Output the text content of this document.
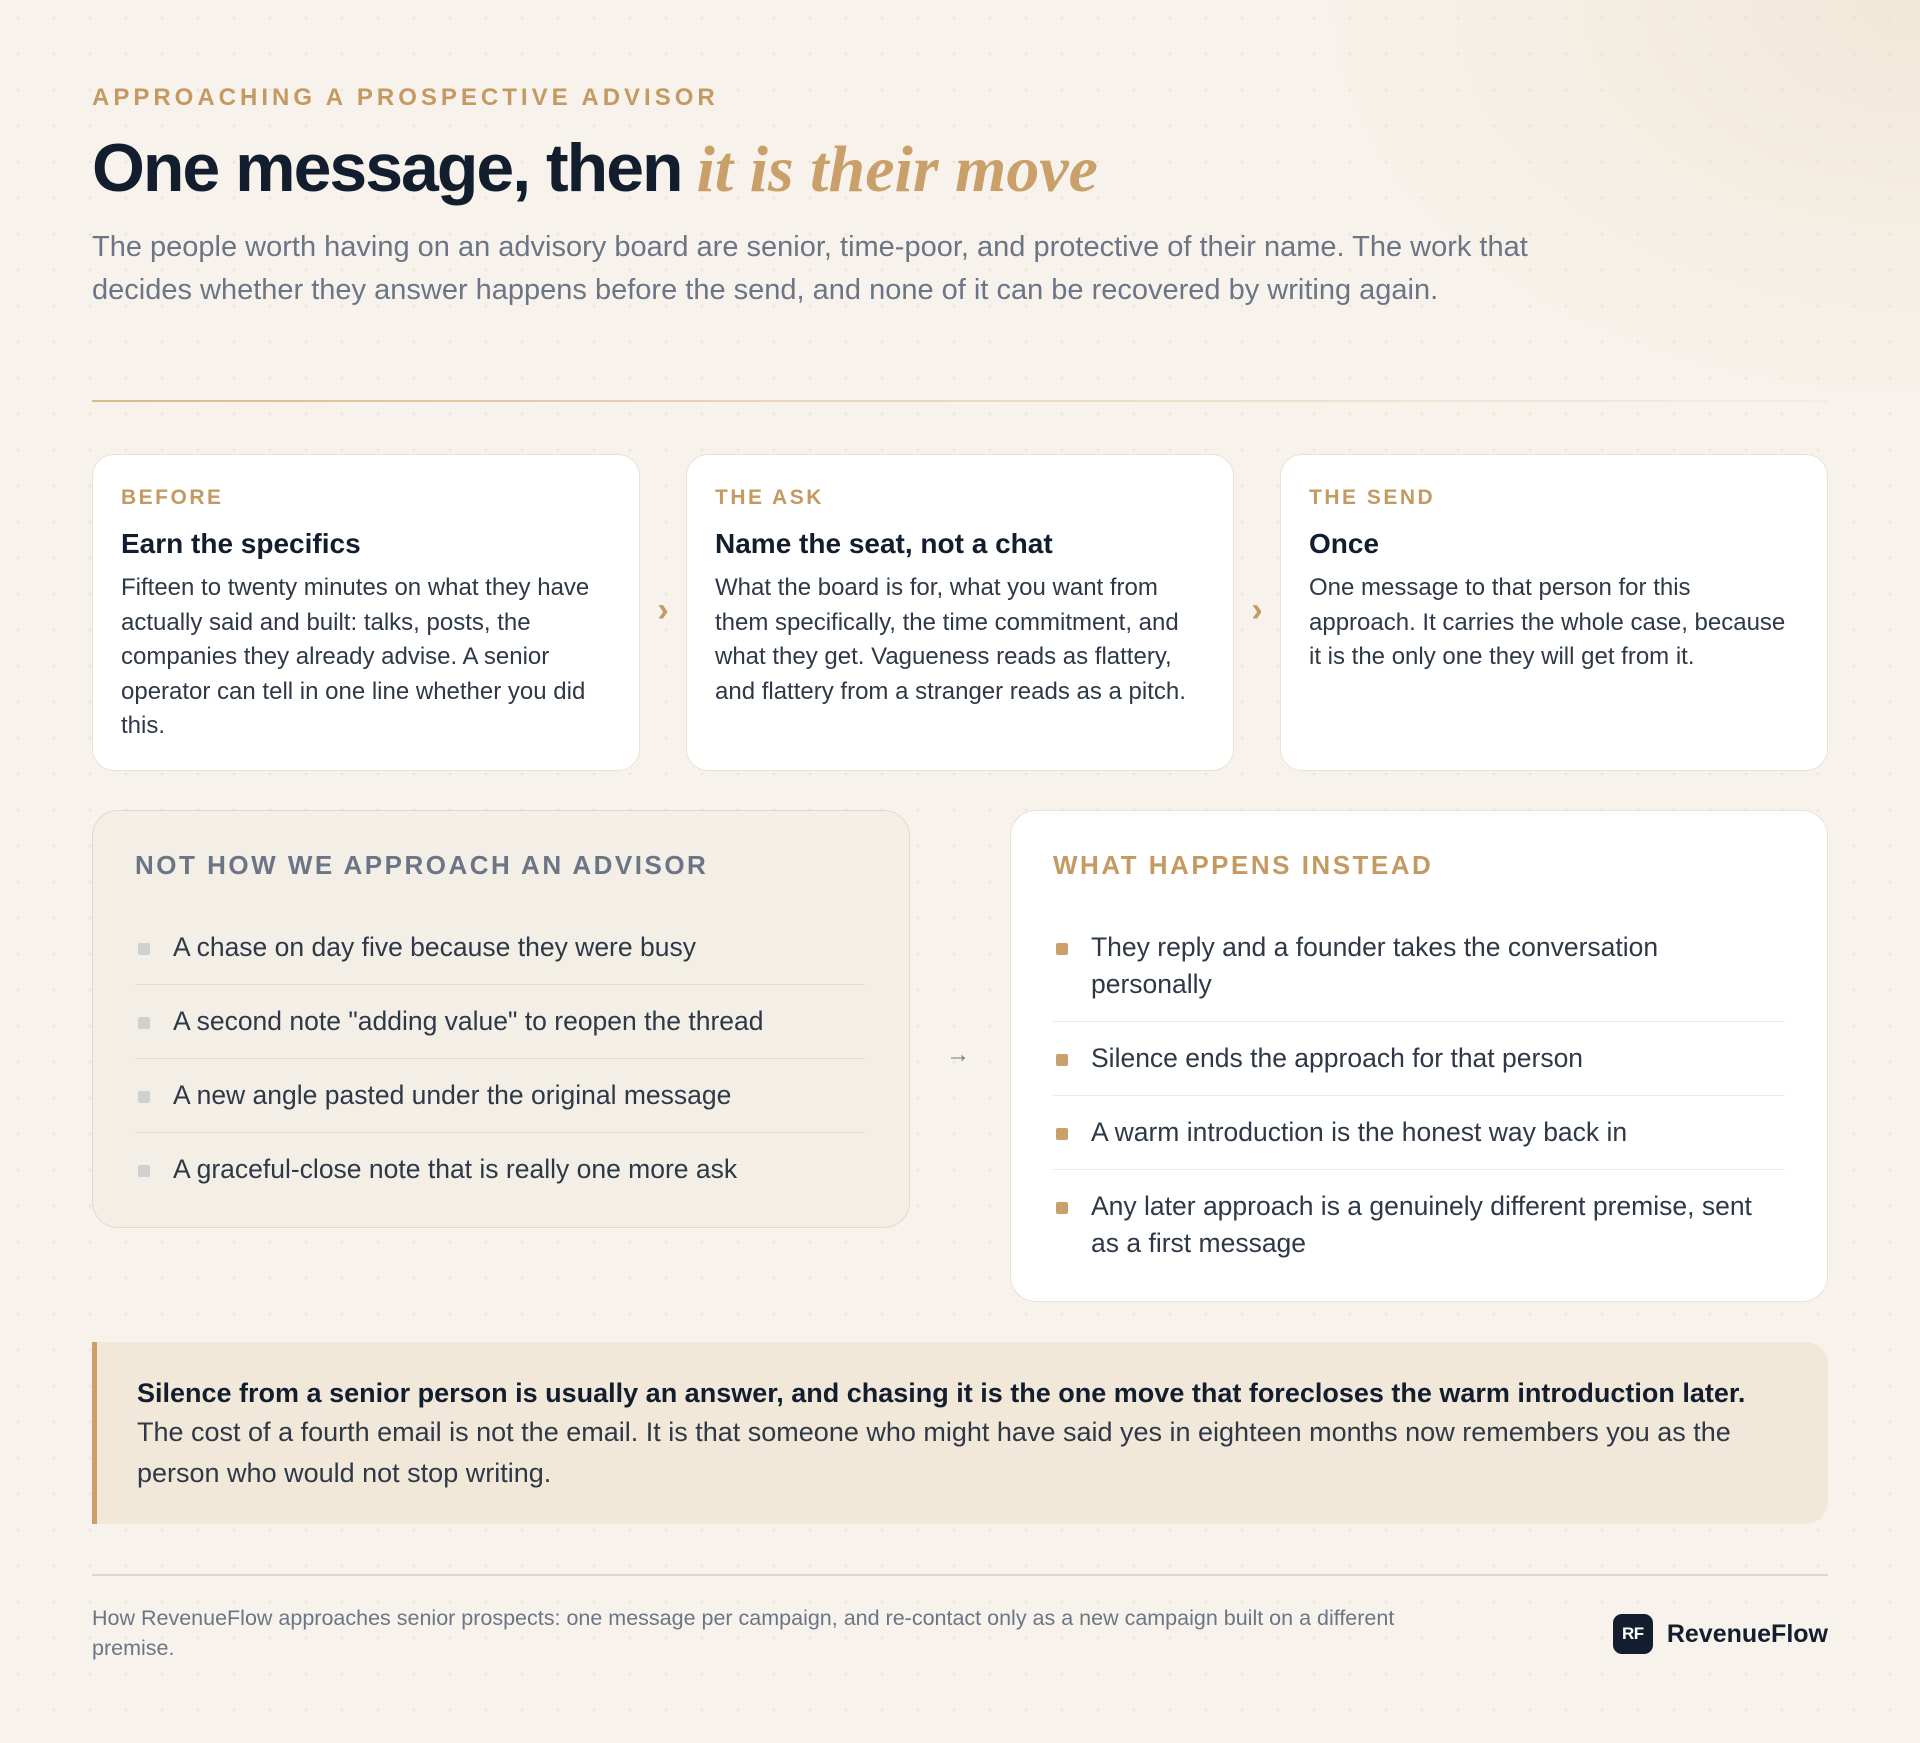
APPROACHING A PROSPECTIVE ADVISOR
One message, then it is their move

The people worth having on an advisory board are senior, time-poor, and protective of their name. The work that decides whether they answer happens before the send, and none of it can be recovered by writing again.

BEFORE
Earn the specifics

Fifteen to twenty minutes on what they have actually said and built: talks, posts, the companies they already advise. A senior operator can tell in one line whether you did this.

›
THE ASK
Name the seat, not a chat

What the board is for, what you want from them specifically, the time commitment, and what they get. Vagueness reads as flattery, and flattery from a stranger reads as a pitch.

›
THE SEND
Once

One message to that person for this approach. It carries the whole case, because it is the only one they will get from it.

NOT HOW WE APPROACH AN ADVISOR
A chase on day five because they were busy
A second note "adding value" to reopen the thread
A new angle pasted under the original message
A graceful-close note that is really one more ask
→
WHAT HAPPENS INSTEAD
They reply and a founder takes the conversation personally
Silence ends the approach for that person
A warm introduction is the honest way back in
Any later approach is a genuinely different premise, sent as a first message
Silence from a senior person is usually an answer, and chasing it is the one move that forecloses the warm introduction later.
The cost of a fourth email is not the email. It is that someone who might have said yes in eighteen months now remembers you as the person who would not stop writing.

How RevenueFlow approaches senior prospects: one message per campaign, and re-contact only as a new campaign built on a different premise.

RF RevenueFlow
